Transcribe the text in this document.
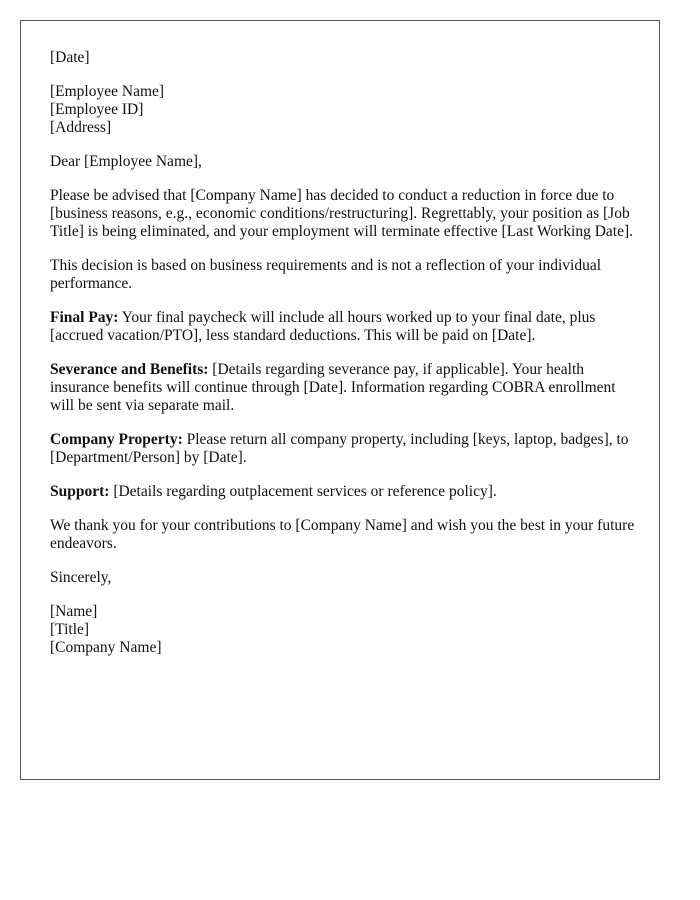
[Date]

[Employee Name]
[Employee ID]
[Address]

Dear [Employee Name],

Please be advised that [Company Name] has decided to conduct a reduction in force due to [business reasons, e.g., economic conditions/restructuring]. Regrettably, your position as [Job Title] is being eliminated, and your employment will terminate effective [Last Working Date].

This decision is based on business requirements and is not a reflection of your individual performance.

Final Pay: Your final paycheck will include all hours worked up to your final date, plus [accrued vacation/PTO], less standard deductions. This will be paid on [Date].

Severance and Benefits: [Details regarding severance pay, if applicable]. Your health insurance benefits will continue through [Date]. Information regarding COBRA enrollment will be sent via separate mail.

Company Property: Please return all company property, including [keys, laptop, badges], to [Department/Person] by [Date].

Support: [Details regarding outplacement services or reference policy].

We thank you for your contributions to [Company Name] and wish you the best in your future endeavors.

Sincerely,

[Name]
[Title]
[Company Name]
